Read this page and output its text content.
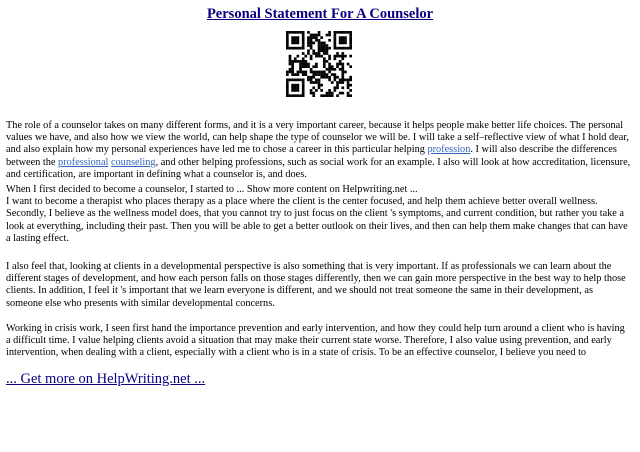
Personal Statement For A Counselor

The role of a counselor takes on many different forms, and it is a very important career, because it helps people make better life choices. The personal values we have, and also how we view the world, can help shape the type of counselor we will be. I will take a self–reflective view of what I hold dear, and also explain how my personal experiences have led me to chose a career in this particular helping profession. I will also describe the differences between the professional counseling, and other helping professions, such as social work for an example. I also will look at how accreditation, licensure, and certification, are important in defining what a counselor is, and does.

When I first decided to become a counselor, I started to ... Show more content on Helpwriting.net ...
I want to become a therapist who places therapy as a place where the client is the center focused, and help them achieve better overall wellness. Secondly, I believe as the wellness model does, that you cannot try to just focus on the client 's symptoms, and current condition, but rather you take a look at everything, including their past. Then you will be able to get a better outlook on their lives, and then can help them make changes that can have a lasting effect.

I also feel that, looking at clients in a developmental perspective is also something that is very important. If as professionals we can learn about the different stages of development, and how each person falls on those stages differently, then we can gain more perspective in the best way to help those clients. In addition, I feel it 's important that we learn everyone is different, and we should not treat someone the same in their development, as someone else who presents with similar developmental concerns.

Working in crisis work, I seen first hand the importance prevention and early intervention, and how they could help turn around a client who is having a difficult time. I value helping clients avoid a situation that may make their current state worse. Therefore, I also value using prevention, and early intervention, when dealing with a client, especially with a client who is in a state of crisis. To be an effective counselor, I believe you need to

... Get more on HelpWriting.net ...
